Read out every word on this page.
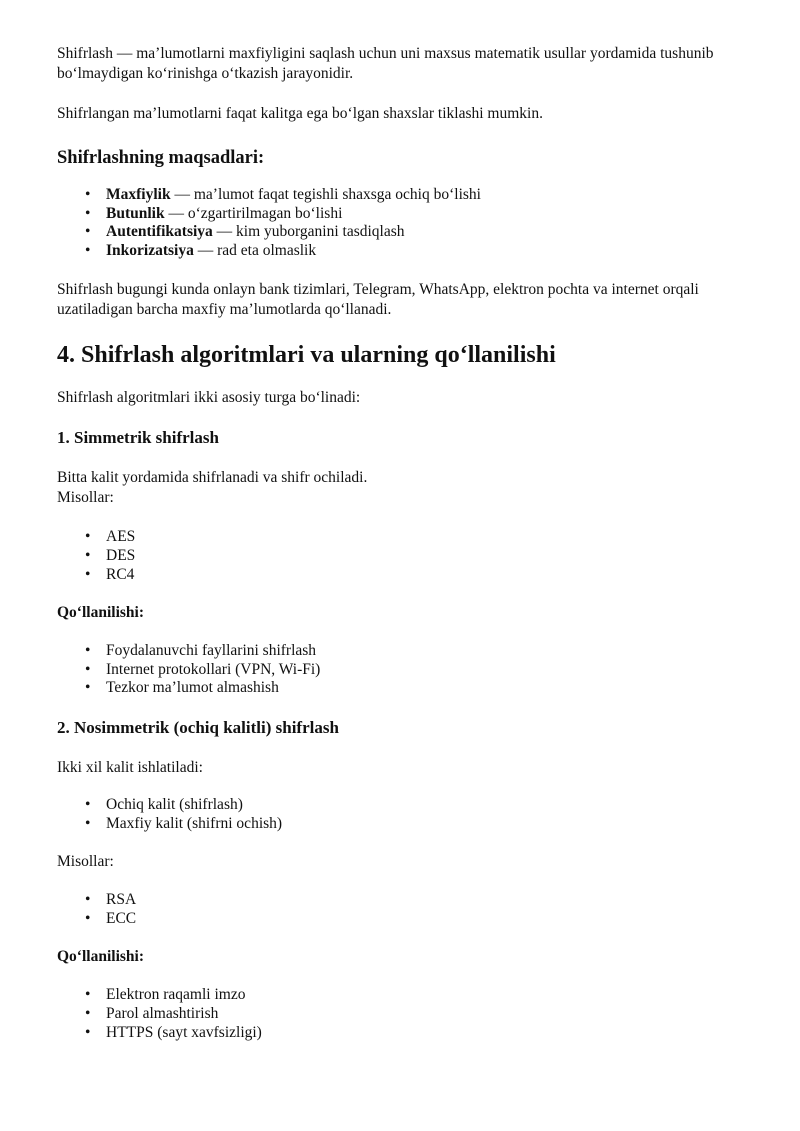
Shifrlash — ma’lumotlarni maxfiyligini saqlash uchun uni maxsus matematik usullar yordamida tushunib bo‘lmaydigan ko‘rinishga o‘tkazish jarayonidir.

Shifrlangan ma’lumotlarni faqat kalitga ega bo‘lgan shaxslar tiklashi mumkin.

Shifrlashning maqsadlari:
• Maxfiylik — ma’lumot faqat tegishli shaxsga ochiq bo‘lishi
• Butunlik — o‘zgartirilmagan bo‘lishi
• Autentifikatsiya — kim yuborganini tasdiqlash
• Inkorizatsiya — rad eta olmaslik

Shifrlash bugungi kunda onlayn bank tizimlari, Telegram, WhatsApp, elektron pochta va internet orqali uzatiladigan barcha maxfiy ma’lumotlarda qo‘llanadi.

4. Shifrlash algoritmlari va ularning qo‘llanilishi

Shifrlash algoritmlari ikki asosiy turga bo‘linadi:

1. Simmetrik shifrlash

Bitta kalit yordamida shifrlanadi va shifr ochiladi.

Misollar:

• AES
• DES
• RC4
Qo‘llanilishi:
• Foydalanuvchi fayllarini shifrlash
• Internet protokollari (VPN, Wi-Fi)
• Tezkor ma’lumot almashish
2. Nosimmetrik (ochiq kalitli) shifrlash

Ikki xil kalit ishlatiladi:

• Ochiq kalit (shifrlash)
• Maxfiy kalit (shifrni ochish)

Misollar:

• RSA
• ECC
Qo‘llanilishi:
• Elektron raqamli imzo
• Parol almashtirish
• HTTPS (sayt xavfsizligi)
